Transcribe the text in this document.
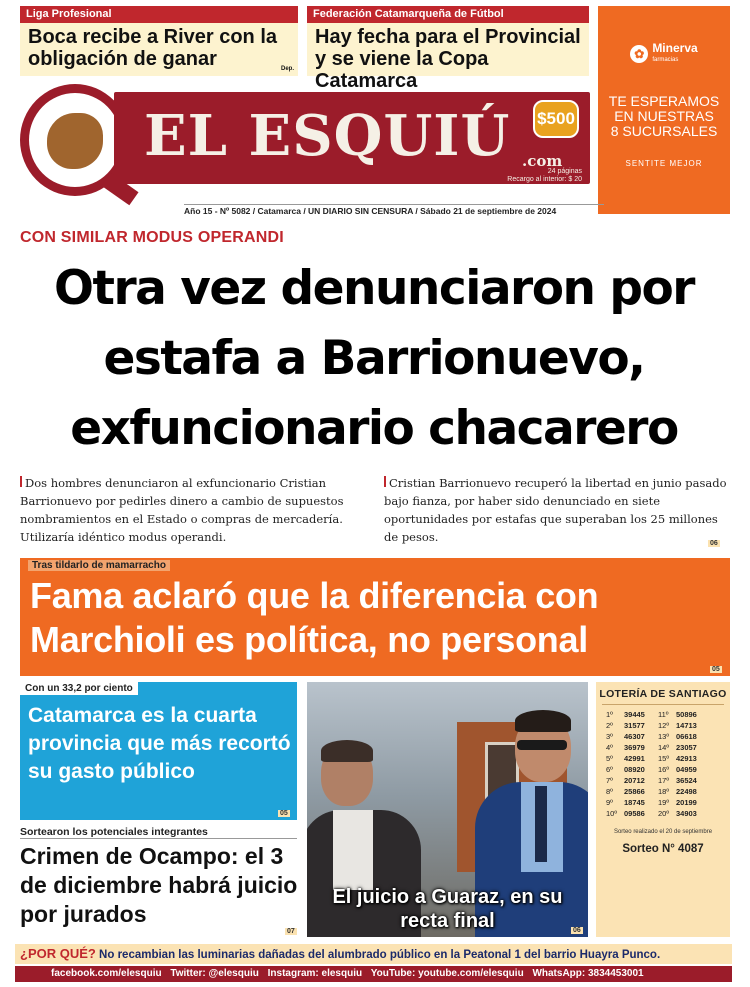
Liga Profesional
Boca recibe a River con la obligación de ganar	Dep.
Federación Catamarqueña de Fútbol
Hay fecha para el Provincial y se viene la Copa Catamarca
✿ Minerva
farmacias
TE ESPERAMOS
EN NUESTRAS
8 SUCURSALES
SENTITE MEJOR
EL ESQUIÚ .com
24 páginas
Recargo al interior: $ 20
$500
Año 15 - Nº 5082 / Catamarca / UN DIARIO SIN CENSURA / Sábado 21 de septiembre de 2024
CON SIMILAR MODUS OPERANDI
Otra vez denunciaron por estafa a Barrionuevo, exfuncionario chacarero
Dos hombres denunciaron al exfuncionario Cristian Barrionuevo por pedirles dinero a cambio de supuestos nombramientos en el Estado o compras de mercadería. Utilizaría idéntico modus operandi.
Cristian Barrionuevo recuperó la libertad en junio pasado bajo fianza, por haber sido denunciado en siete oportunidades por estafas que superaban los 25 millones de pesos.	06
Tras tildarlo de mamarracho
Fama aclaró que la diferencia con Marchioli es política, no personal
05
Con un 33,2 por ciento
Catamarca es la cuarta provincia que más recortó su gasto público
05
Sortearon los potenciales integrantes
Crimen de Ocampo: el 3 de diciembre habrá juicio por jurados
07
El juicio a Guaraz, en su recta final	06
LOTERÍA DE SANTIAGO
1º	39445	11º	50896
2º	31577	12º	14713
3º	46307	13º	06618
4º	36979	14º	23057
5º	42991	15º	42913
6º	08920	16º	04959
7º	20712	17º	36524
8º	25866	18º	22498
9º	18745	19º	20199
10º	09586	20º	34903
Sorteo realizado el 20 de septiembre
Sorteo N° 4087
¿POR QUÉ? No recambian las luminarias dañadas del alumbrado público en la Peatonal 1 del barrio Huayra Punco.
facebook.com/elesquiu Twitter: @elesquiu Instagram: elesquiu YouTube: youtube.com/elesquiu WhatsApp: 3834453001
